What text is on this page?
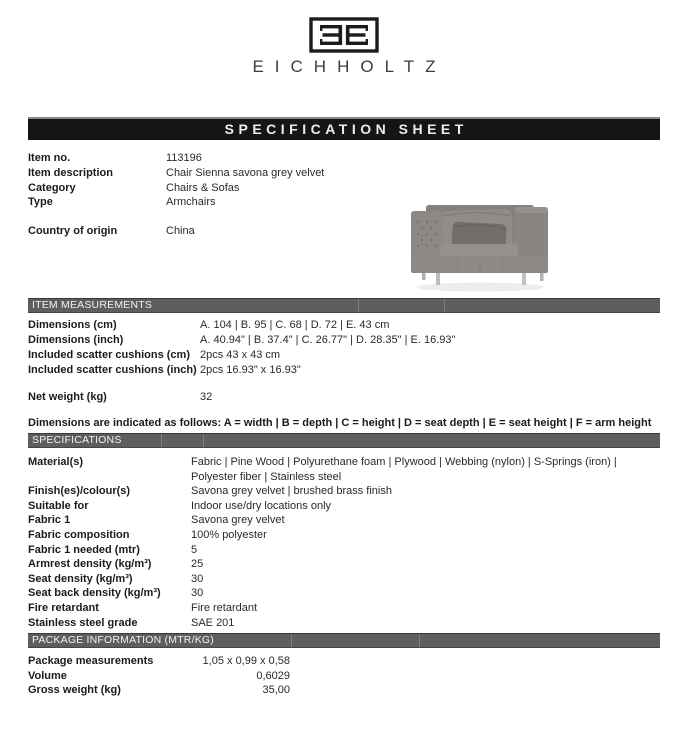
EICHHOLTZ
SPECIFICATION SHEET
Item no.	113196
Item description	Chair Sienna savona grey velvet
Category	Chairs & Sofas
Type	Armchairs
Country of origin	China
ITEM MEASUREMENTS
Dimensions (cm)	A. 104 | B. 95 | C. 68 | D. 72 | E. 43 cm
Dimensions (inch)	A. 40.94" | B. 37.4" | C. 26.77" | D. 28.35" | E. 16.93"
Included scatter cushions (cm) 2pcs 43 x 43 cm
Included scatter cushions (inch) 2pcs 16.93" x 16.93"
Net weight (kg)	32
Dimensions are indicated as follows: A = width | B = depth | C = height | D = seat depth | E = seat height | F = arm height
SPECIFICATIONS
Material(s)	Fabric | Pine Wood | Polyurethane foam | Plywood | Webbing (nylon) | S-Springs (iron) | Polyester fiber | Stainless steel
Finish(es)/colour(s)	Savona grey velvet | brushed brass finish
Suitable for	Indoor use/dry locations only
Fabric 1	Savona grey velvet
Fabric composition	100% polyester
Fabric 1 needed (mtr)	5
Armrest density (kg/m³)	25
Seat density (kg/m³)	30
Seat back density (kg/m³)	30
Fire retardant	Fire retardant
Stainless steel grade	SAE 201
PACKAGE INFORMATION (MTR/KG)
Package measurements	1,05 x 0,99 x 0,58
Volume	0,6029
Gross weight (kg)	35,00
